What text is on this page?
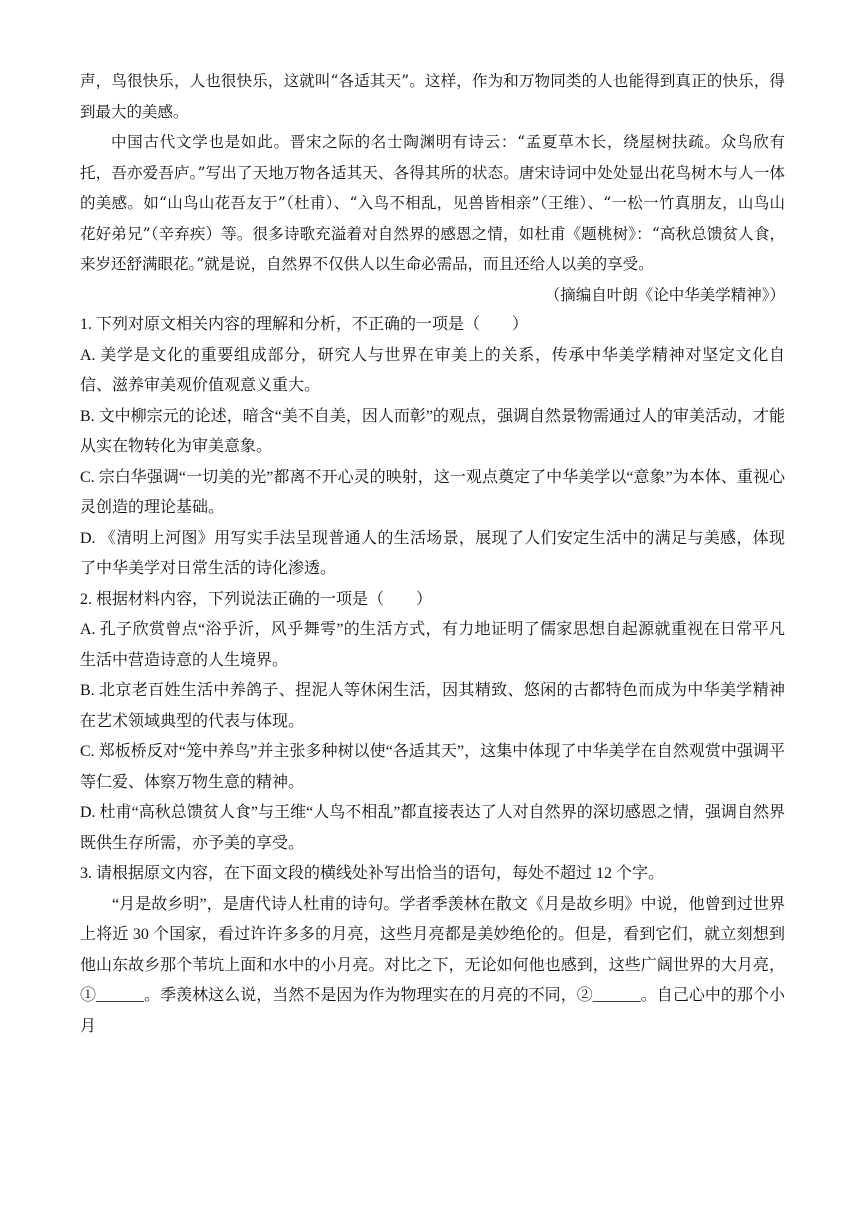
声，鸟很快乐，人也很快乐，这就叫“各适其天”。这样，作为和万物同类的人也能得到真正的快乐，得到最大的美感。

中国古代文学也是如此。晋宋之际的名士陶渊明有诗云：“孟夏草木长，绕屋树扶疏。众鸟欣有托，吾亦爱吾庐。”写出了天地万物各适其天、各得其所的状态。唐宋诗词中处处显出花鸟树木与人一体的美感。如“山鸟山花吾友于”（杜甫）、“入鸟不相乱，见兽皆相亲”（王维）、“一松一竹真朋友，山鸟山花好弟兄”（辛弃疾）等。很多诗歌充溢着对自然界的感恩之情，如杜甫《题桃树》：“高秋总馈贫人食，来岁还舒满眼花。”就是说，自然界不仅供人以生命必需品，而且还给人以美的享受。

（摘编自叶朗《论中华美学精神》）

1. 下列对原文相关内容的理解和分析，不正确的一项是（　　）

A. 美学是文化的重要组成部分，研究人与世界在审美上的关系，传承中华美学精神对坚定文化自信、滋养审美观价值观意义重大。

B. 文中柳宗元的论述，暗含“美不自美，因人而彰”的观点，强调自然景物需通过人的审美活动，才能从实在物转化为审美意象。

C. 宗白华强调“一切美的光”都离不开心灵的映射，这一观点奠定了中华美学以“意象”为本体、重视心灵创造的理论基础。

D. 《清明上河图》用写实手法呈现普通人的生活场景，展现了人们安定生活中的满足与美感，体现了中华美学对日常生活的诗化渗透。

2. 根据材料内容，下列说法正确的一项是（　　）

A. 孔子欣赏曾点“浴乎沂，风乎舞雩”的生活方式，有力地证明了儒家思想自起源就重视在日常平凡生活中营造诗意的人生境界。

B. 北京老百姓生活中养鸽子、捏泥人等休闲生活，因其精致、悠闲的古都特色而成为中华美学精神在艺术领域典型的代表与体现。

C. 郑板桥反对“笼中养鸟”并主张多种树以使“各适其天”，这集中体现了中华美学在自然观赏中强调平等仁爱、体察万物生意的精神。

D. 杜甫“高秋总馈贫人食”与王维“人鸟不相乱”都直接表达了人对自然界的深切感恩之情，强调自然界既供生存所需，亦予美的享受。

3. 请根据原文内容，在下面文段的横线处补写出恰当的语句，每处不超过 12 个字。

“月是故乡明”，是唐代诗人杜甫的诗句。学者季羡林在散文《月是故乡明》中说，他曾到过世界上将近 30 个国家，看过许许多多的月亮，这些月亮都是美妙绝伦的。但是，看到它们，就立刻想到他山东故乡那个苇坑上面和水中的小月亮。对比之下，无论如何他也感到，这些广阔世界的大月亮，①______。季羡林这么说，当然不是因为作为物理实在的月亮的不同，②______。自己心中的那个小月
